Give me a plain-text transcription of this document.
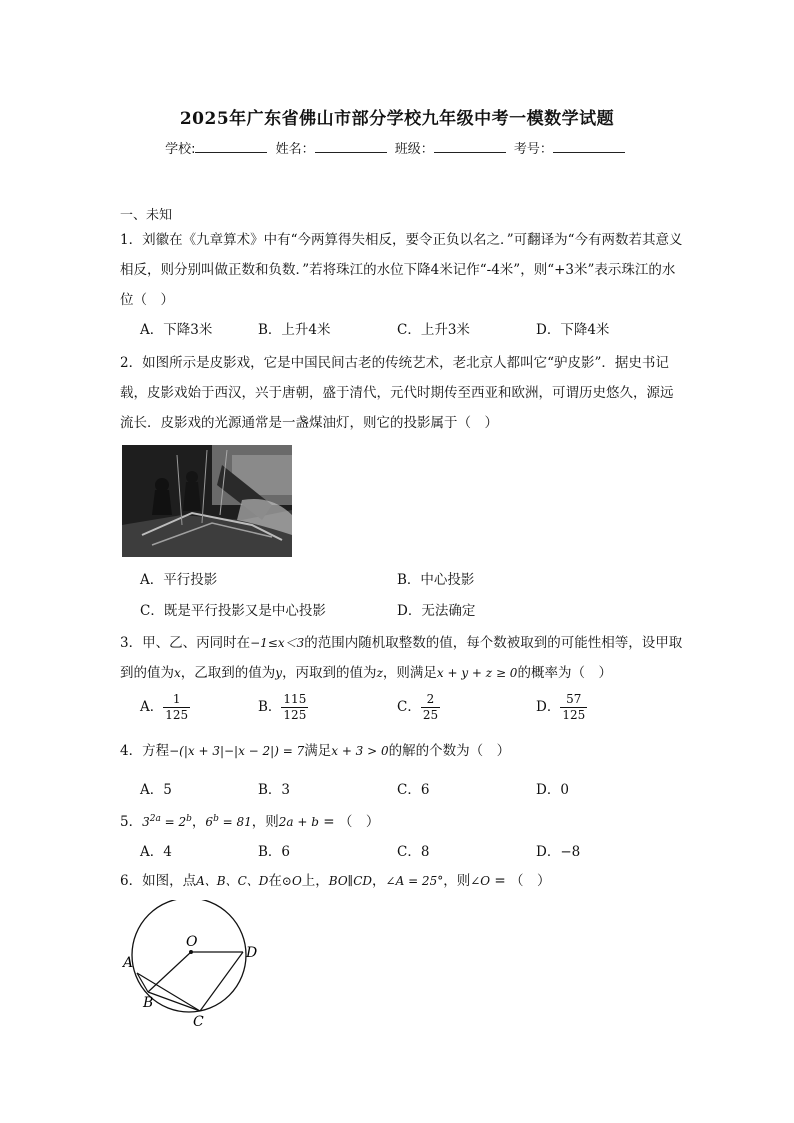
2025年广东省佛山市部分学校九年级中考一模数学试题
学校:	姓名：	班级：	考号：
一、未知
1．刘徽在《九章算术》中有“今两算得失相反，要令正负以名之．”可翻译为“今有两数若其意义相反，则分别叫做正数和负数．”若将珠江的水位下降4米记作“-4米”，则“+3米”表示珠江的水位（　）
A．下降3米	B．上升4米	C．上升3米	D．下降4米
2．如图所示是皮影戏，它是中国民间古老的传统艺术，老北京人都叫它“驴皮影”．据史书记载，皮影戏始于西汉，兴于唐朝，盛于清代，元代时期传至西亚和欧洲，可谓历史悠久，源远流长．皮影戏的光源通常是一盏煤油灯，则它的投影属于（　）
A．平行投影	B．中心投影
C．既是平行投影又是中心投影	D．无法确定
3．甲、乙、丙同时在−1≤x＜3的范围内随机取整数的值，每个数被取到的可能性相等，设甲取到的值为x，乙取到的值为y，丙取到的值为z，则满足x + y + z ≥ 0的概率为（　）
A． $\frac{1}{125}$	B． $\frac{115}{125}$	C． $\frac{2}{25}$	D． $\frac{57}{125}$
4．方程−(|x + 3|−|x − 2|) = 7满足x + 3 > 0的解的个数为（　）
A．5	B．3	C．6	D．0
5．$3^{2a} = 2^b$，$6^b = 81$，则2a + b = （　）
A．4	B．6	C．8	D．−8
6．如图，点A、B、C、D在⊙O上，BO∥CD，∠A = 25°，则∠O = （　）
O
A
B
C
D
